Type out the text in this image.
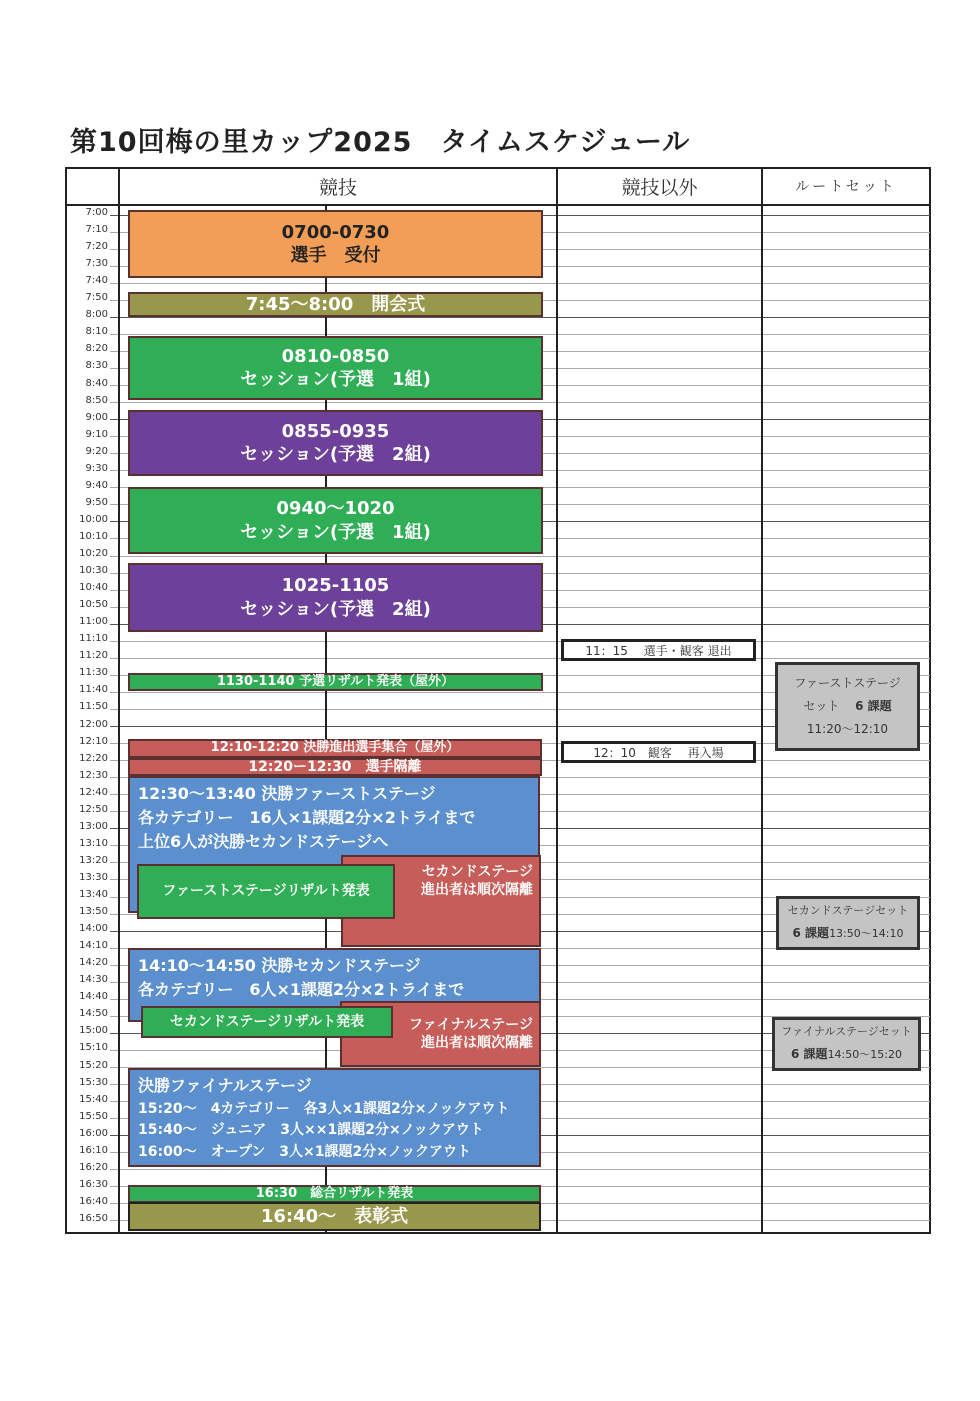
第10回梅の里カップ2025　タイムスケジュール
7:00
7:10
7:20
7:30
7:40
7:50
8:00
8:10
8:20
8:30
8:40
8:50
9:00
9:10
9:20
9:30
9:40
9:50
10:00
10:10
10:20
10:30
10:40
10:50
11:00
11:10
11:20
11:30
11:40
11:50
12:00
12:10
12:20
12:30
12:40
12:50
13:00
13:10
13:20
13:30
13:40
13:50
14:00
14:10
14:20
14:30
14:40
14:50
15:00
15:10
15:20
15:30
15:40
15:50
16:00
16:10
16:20
16:30
16:40
16:50
競技	競技以外	ルートセット
0700-0730
選手　受付
7:45〜8:00　開会式
0810-0850
セッション(予選　1組)
0855-0935
セッション(予選　2組)
0940〜1020
セッション(予選　1組)
1025-1105
セッション(予選　2組)
1130-1140 予選リザルト発表（屋外）
12:10-12:20 決勝進出選手集合（屋外）
12:20ー12:30　選手隔離
12:30〜13:40 決勝ファーストステージ
各カテゴリー　16人×1課題2分×2トライまで
上位6人が決勝セカンドステージへ
セカンドステージ
進出者は順次隔離
ファーストステージリザルト発表
14:10〜14:50 決勝セカンドステージ
各カテゴリー　6人×1課題2分×2トライまで
ファイナルステージ
進出者は順次隔離
セカンドステージリザルト発表
決勝ファイナルステージ
15:20〜　4カテゴリー　各3人×1課題2分×ノックアウト
15:40〜　ジュニア　3人××1課題2分×ノックアウト
16:00〜　オープン　3人×1課題2分×ノックアウト
16:30　総合リザルト発表
16:40〜　表彰式
11：15　 選手・観客 退出
12：10　観客　 再入場
ファーストステージ
セット　 6 課題
11:20〜12:10
セカンドステージセット
6 課題13:50〜14:10
ファイナルステージセット
6 課題14:50〜15:20
